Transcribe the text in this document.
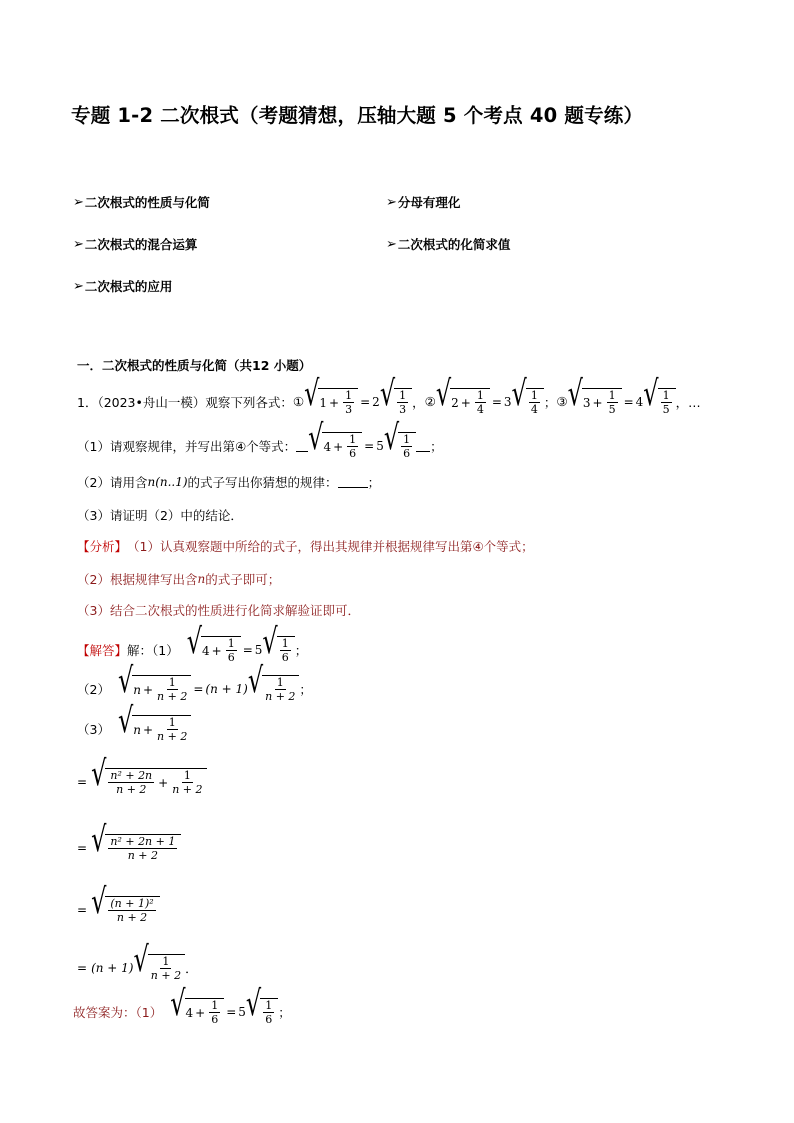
专题 1-2 二次根式（考题猜想，压轴大题 5 个考点 40 题专练）
➢ 二次根式的性质与化简	➢ 分母有理化
➢ 二次根式的混合运算	➢ 二次根式的化简求值
➢ 二次根式的应用
一．二次根式的性质与化简（共12 小题）
1．（2023•舟山一模）观察下列各式： ① √ $1 + \frac{1}{3} = 2$ √ $\frac{1}{3}$ ， ② √ $2 + \frac{1}{4} = 3$ √ $\frac{1}{4}$ ； ③ √ $3 + \frac{1}{5} = 4$ √ $\frac{1}{5}$ ，…
（1）请观察规律，并写出第④个等式： √ $4 + \frac{1}{6} = 5$ √ $\frac{1}{6}$ ；
（2）请用含 n (n..1) 的式子写出你猜想的规律： ；
（3）请证明（2）中的结论．
【分析】 （1）认真观察题中所给的式子，得出其规律并根据规律写出第④个等式；
（2）根据规律写出含 n 的式子即可；
（3）结合二次根式的性质进行化简求解验证即可．
【解答】 解：（1） √ $4 + \frac{1}{6} = 5$ √ $\frac{1}{6}$ ；
（2） √ $n + \frac{1}{n + 2} = (n + 1)$ √ $\frac{1}{n + 2}$ ；
（3） √ $n + \frac{1}{n + 2}$
= √ $\frac{\text{n² + 2n}}{n + 2} + \frac{1}{n + 2}$
= √ $\frac{\text{n² + 2n + 1}}{n + 2}$
= √ $\frac{\text{(n + 1)²}}{n + 2}$
= (n + 1) √ $\frac{1}{n + 2}$ ．
故答案为：（1） √ $4 + \frac{1}{6} = 5$ √ $\frac{1}{6}$ ；
